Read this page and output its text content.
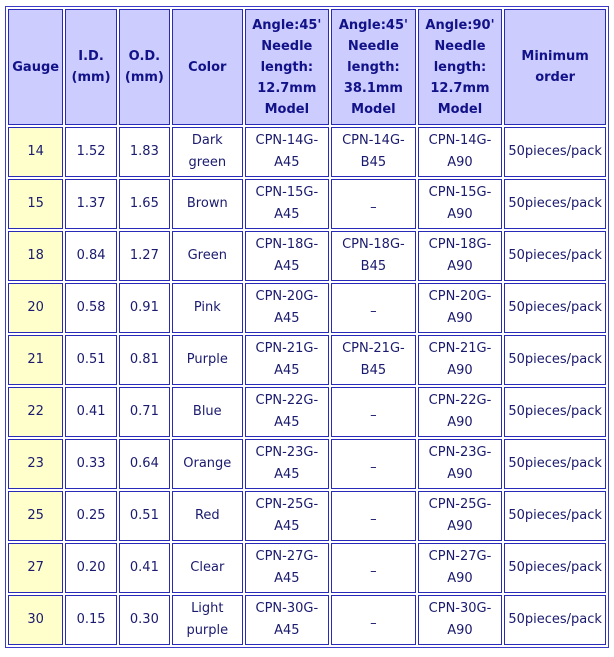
Gauge	I.D.
(mm)	O.D.
(mm)	Color	Angle:45'
Needle
length:
12.7mm
Model	Angle:45'
Needle
length:
38.1mm
Model	Angle:90'
Needle
length:
12.7mm
Model	Minimum
order
14	1.52	1.83	Dark
green	CPN-14G-
A45	CPN-14G-
B45	CPN-14G-
A90	50pieces/pack
15	1.37	1.65	Brown	CPN-15G-
A45	–	CPN-15G-
A90	50pieces/pack
18	0.84	1.27	Green	CPN-18G-
A45	CPN-18G-
B45	CPN-18G-
A90	50pieces/pack
20	0.58	0.91	Pink	CPN-20G-
A45	–	CPN-20G-
A90	50pieces/pack
21	0.51	0.81	Purple	CPN-21G-
A45	CPN-21G-
B45	CPN-21G-
A90	50pieces/pack
22	0.41	0.71	Blue	CPN-22G-
A45	–	CPN-22G-
A90	50pieces/pack
23	0.33	0.64	Orange	CPN-23G-
A45	–	CPN-23G-
A90	50pieces/pack
25	0.25	0.51	Red	CPN-25G-
A45	–	CPN-25G-
A90	50pieces/pack
27	0.20	0.41	Clear	CPN-27G-
A45	–	CPN-27G-
A90	50pieces/pack
30	0.15	0.30	Light
purple	CPN-30G-
A45	–	CPN-30G-
A90	50pieces/pack
